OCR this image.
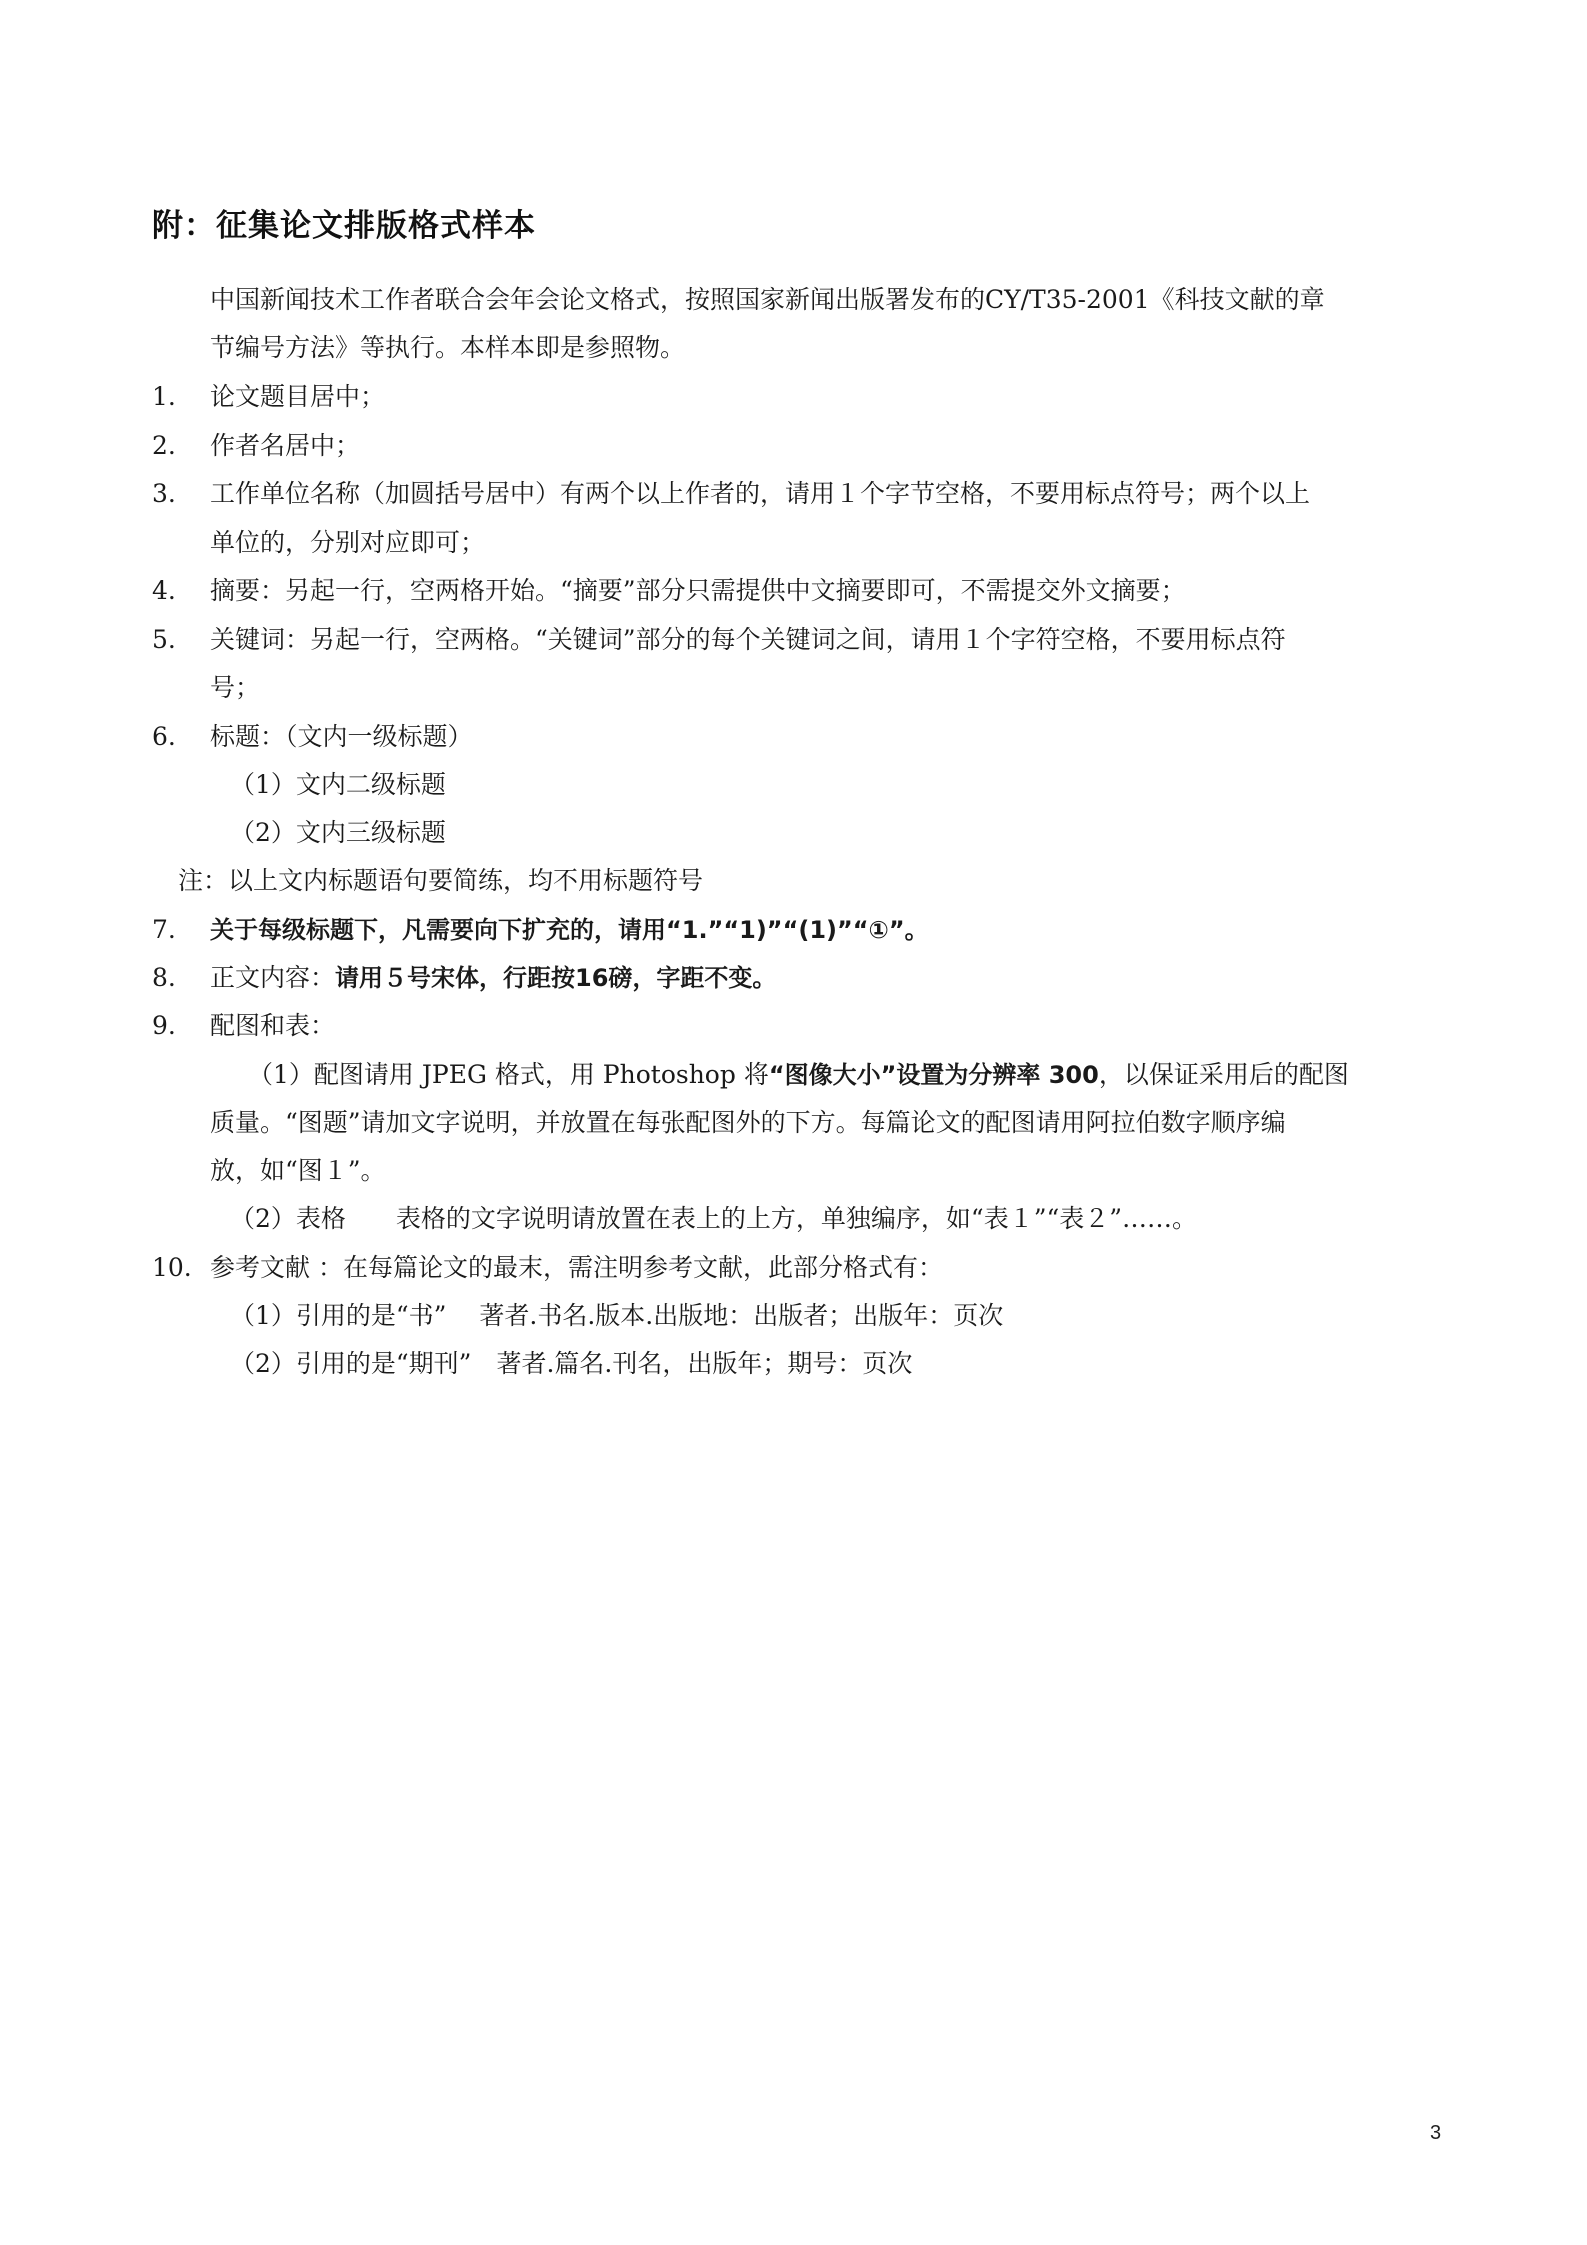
附：征集论文排版格式样本
中国新闻技术工作者联合会年会论文格式，按照国家新闻出版署发布的CY/T35-2001《科技文献的章
节编号方法》等执行。本样本即是参照物。
1. 论文题目居中；
2. 作者名居中；
3. 工作单位名称（加圆括号居中）有两个以上作者的，请用１个字节空格，不要用标点符号；两个以上
单位的，分别对应即可；
4. 摘要：另起一行，空两格开始。“摘要”部分只需提供中文摘要即可，不需提交外文摘要；
5. 关键词：另起一行，空两格。“关键词”部分的每个关键词之间，请用１个字符空格，不要用标点符
号；
6. 标题：（文内一级标题）
（1）文内二级标题
（2）文内三级标题
注：以上文内标题语句要简练，均不用标题符号
7. 关于每级标题下，凡需要向下扩充的，请用“1.”“1)”“(1)”“①”。
8. 正文内容：请用５号宋体，行距按16磅，字距不变。
9. 配图和表：
（1）配图请用 JPEG 格式，用 Photoshop 将“图像大小”设置为分辨率 300，以保证采用后的配图
质量。“图题”请加文字说明，并放置在每张配图外的下方。每篇论文的配图请用阿拉伯数字顺序编
放，如“图１”。
（2）表格　　表格的文字说明请放置在表上的上方，单独编序，如“表１”“表２”……。
10. 参考文献 ：在每篇论文的最末，需注明参考文献，此部分格式有：
（1）引用的是“书”　 著者.书名.版本.出版地：出版者；出版年：页次
（2）引用的是“期刊”　著者.篇名.刊名，出版年；期号：页次
3
